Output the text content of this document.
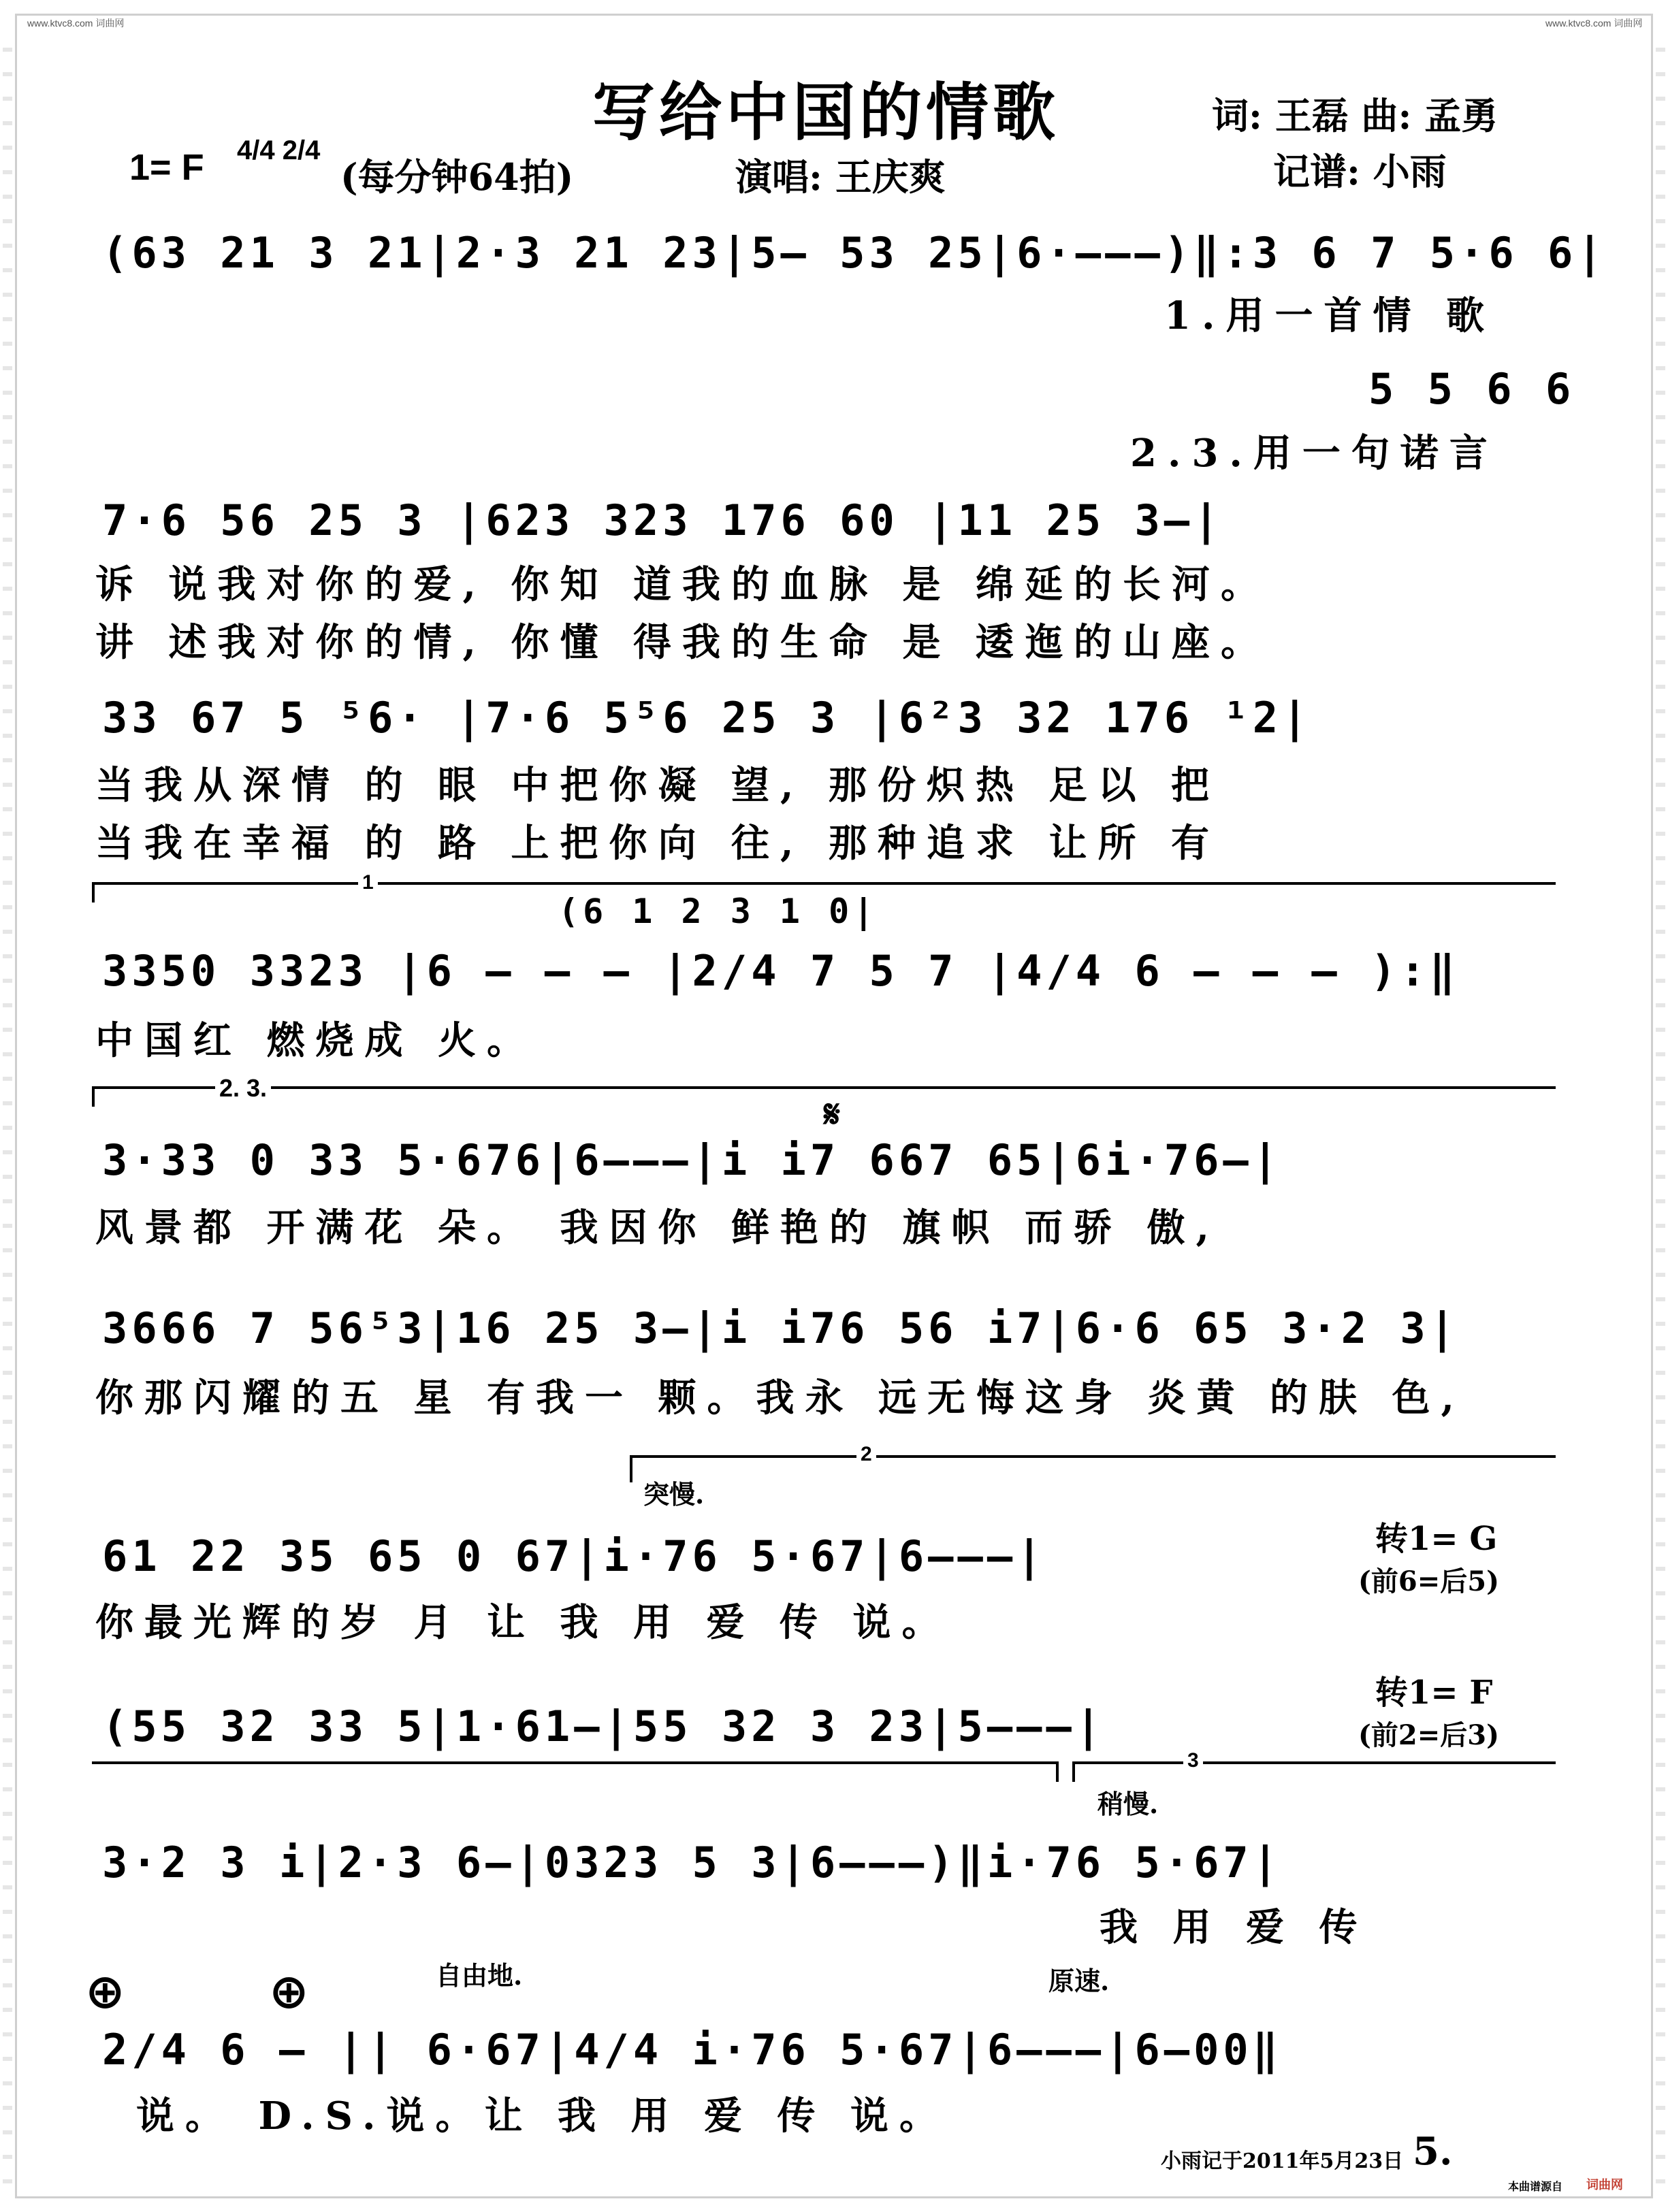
www.ktvc8.com 词曲网	www.ktvc8.com 词曲网
写给中国的情歌	词: 王磊 曲: 孟勇
1= F 4/4 2/4
(每分钟64拍)	演唱: 王庆爽	记谱: 小雨
(63 21 3 21|2·3 21 23|5– 53 25|6·–––)‖:3 6 7 5·6 6|
1.用一首情 歌
5 5 6 6
2.3.用一句诺言
7·6 56 25 3 |623 323 176 60 |11 25 3–|
诉 说我对你的爱, 你知 道我的血脉 是 绵延的长河。
讲 述我对你的情, 你懂 得我的生命 是 逶迤的山座。
33 67 5 ⁵6· |7·6 5⁵6 25 3 |6²3 32 176 ¹2|
当我从深情 的 眼 中把你凝 望, 那份炽热 足以 把
当我在幸福 的 路 上把你向 往, 那种追求 让所 有
1
(6 1 2 3 1 0|
3350 3323 |6 – – – |2/4 7 5 7 |4/4 6 – – – ):‖
中国红 燃烧成 火。
2. 3.
𝄋
3·33 0 33 5·676|6–––|i i7 667 65|6i·76–|
风景都 开满花 朵。 我因你 鲜艳的 旗帜 而骄 傲,
3666 7 56⁵3|16 25 3–|i i76 56 i7|6·6 65 3·2 3|
你那闪耀的五 星 有我一 颗。我永 远无悔这身 炎黄 的肤 色,
2
突慢.
61 22 35 65 0 67|i·76 5·67|6–––|
你最光辉的岁 月 让 我 用 爱 传 说。
转1= G
(前6=后5)
转1= F
(前2=后3)
(55 32 33 5|1·61–|55 32 3 23|5–––|
3
稍慢.
3·2 3 i|2·3 6–|0323 5 3|6–––)‖i·76 5·67|
我 用 爱 传
⊕	⊕	自由地.	原速.
2/4 6 – || 6·67|4/4 i·76 5·67|6–––|6–00‖
说。 D.S.说。让 我 用 爱 传 说。
小雨记于2011年5月23日 5.
本曲谱源自 词曲网
